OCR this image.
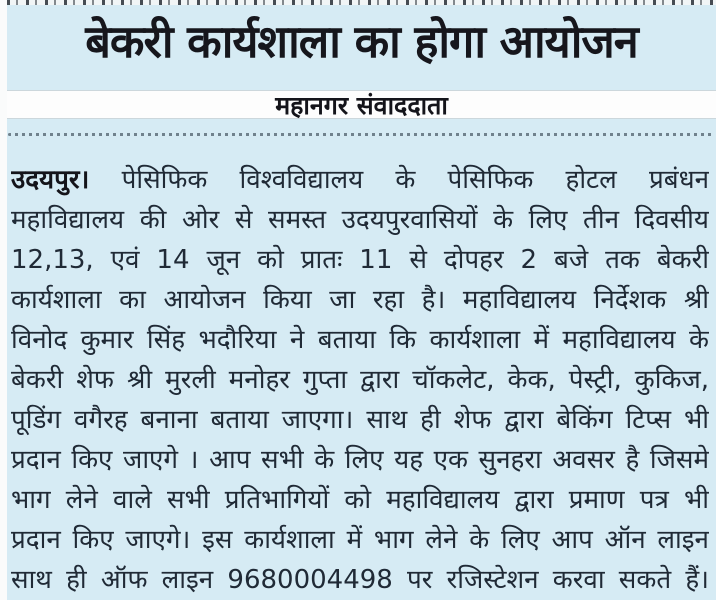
बेकरी कार्यशाला का होगा आयोजन
महानगर संवाददाता
उदयपुर। पेसिफिक विश्वविद्यालय के पेसिफिक होटल प्रबंधन
महाविद्यालय की ओर से समस्त उदयपुरवासियों के लिए तीन दिवसीय
12,13, एवं 14 जून को प्रातः 11 से दोपहर 2 बजे तक बेकरी
कार्यशाला का आयोजन किया जा रहा है। महाविद्यालय निर्देशक श्री
विनोद कुमार सिंह भदौरिया ने बताया कि कार्यशाला में महाविद्यालय के
बेकरी शेफ श्री मुरली मनोहर गुप्ता द्वारा चॉकलेट, केक, पेस्ट्री, कुकिज,
पूडिंग वगैरह बनाना बताया जाएगा। साथ ही शेफ द्वारा बेकिंग टिप्स भी
प्रदान किए जाएगे । आप सभी के लिए यह एक सुनहरा अवसर है जिसमे
भाग लेने वाले सभी प्रतिभागियों को महाविद्यालय द्वारा प्रमाण पत्र भी
प्रदान किए जाएगे। इस कार्यशाला में भाग लेने के लिए आप ऑन लाइन
साथ ही ऑफ लाइन 9680004498 पर रजिस्टेशन करवा सकते हैं।
